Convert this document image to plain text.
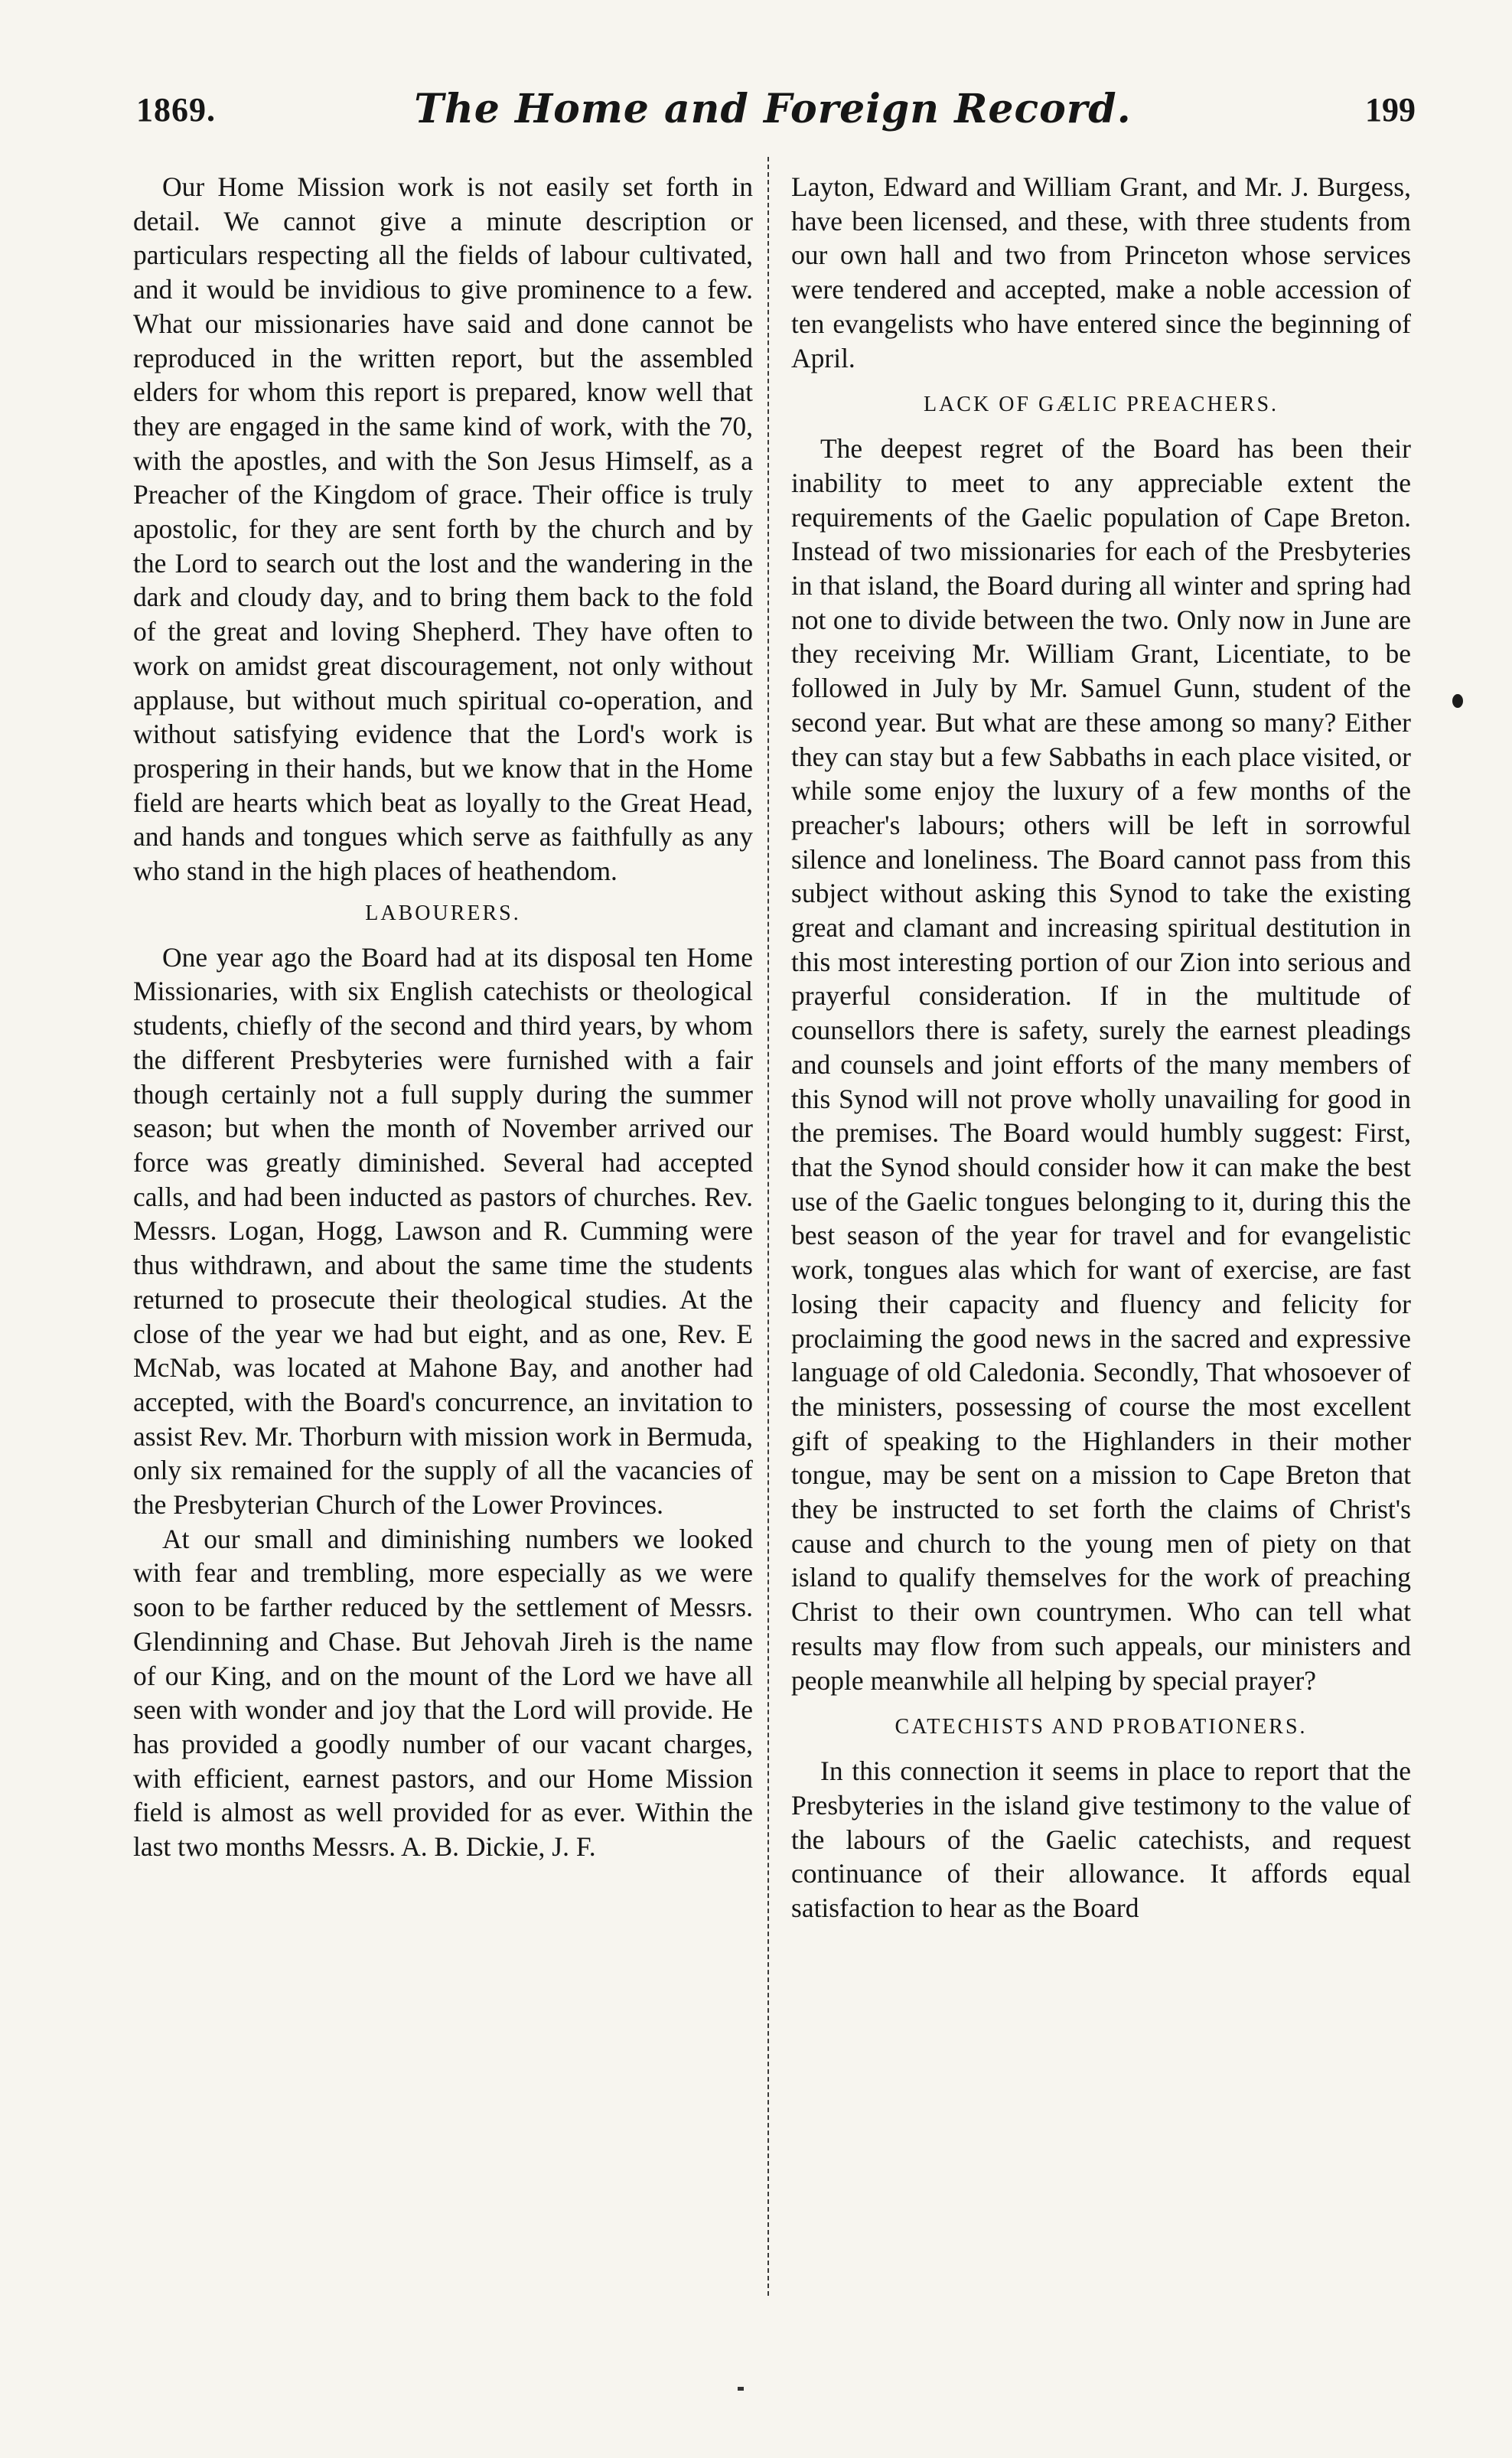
1869.	The Home and Foreign Record.	199

Our Home Mission work is not easily set forth in detail. We cannot give a minute description or particulars respecting all the fields of labour cultivated, and it would be invidious to give prominence to a few. What our missionaries have said and done cannot be reproduced in the written report, but the assembled elders for whom this report is prepared, know well that they are engaged in the same kind of work, with the 70, with the apostles, and with the Son Jesus Himself, as a Preacher of the Kingdom of grace. Their office is truly apostolic, for they are sent forth by the church and by the Lord to search out the lost and the wandering in the dark and cloudy day, and to bring them back to the fold of the great and loving Shepherd. They have often to work on amidst great discouragement, not only without applause, but without much spiritual co-operation, and without satisfying evidence that the Lord's work is prospering in their hands, but we know that in the Home field are hearts which beat as loyally to the Great Head, and hands and tongues which serve as faithfully as any who stand in the high places of heathendom.

LABOURERS.

One year ago the Board had at its disposal ten Home Missionaries, with six English catechists or theological students, chiefly of the second and third years, by whom the different Presbyteries were furnished with a fair though certainly not a full supply during the summer season; but when the month of November arrived our force was greatly diminished. Several had accepted calls, and had been inducted as pastors of churches. Rev. Messrs. Logan, Hogg, Lawson and R. Cumming were thus withdrawn, and about the same time the students returned to prosecute their theological studies. At the close of the year we had but eight, and as one, Rev. E McNab, was located at Mahone Bay, and another had accepted, with the Board's concurrence, an invitation to assist Rev. Mr. Thorburn with mission work in Bermuda, only six remained for the supply of all the vacancies of the Presbyterian Church of the Lower Provinces.

At our small and diminishing numbers we looked with fear and trembling, more especially as we were soon to be farther reduced by the settlement of Messrs. Glendinning and Chase. But Jehovah Jireh is the name of our King, and on the mount of the Lord we have all seen with wonder and joy that the Lord will provide. He has provided a goodly number of our vacant charges, with efficient, earnest pastors, and our Home Mission field is almost as well provided for as ever. Within the last two months Messrs. A. B. Dickie, J. F.

Layton, Edward and William Grant, and Mr. J. Burgess, have been licensed, and these, with three students from our own hall and two from Princeton whose services were tendered and accepted, make a noble accession of ten evangelists who have entered since the beginning of April.

LACK OF GÆLIC PREACHERS.

The deepest regret of the Board has been their inability to meet to any appreciable extent the requirements of the Gaelic population of Cape Breton. Instead of two missionaries for each of the Presbyteries in that island, the Board during all winter and spring had not one to divide between the two. Only now in June are they receiving Mr. William Grant, Licentiate, to be followed in July by Mr. Samuel Gunn, student of the second year. But what are these among so many? Either they can stay but a few Sabbaths in each place visited, or while some enjoy the luxury of a few months of the preacher's labours; others will be left in sorrowful silence and loneliness. The Board cannot pass from this subject without asking this Synod to take the existing great and clamant and increasing spiritual destitution in this most interesting portion of our Zion into serious and prayerful consideration. If in the multitude of counsellors there is safety, surely the earnest pleadings and counsels and joint efforts of the many members of this Synod will not prove wholly unavailing for good in the premises. The Board would humbly suggest: First, that the Synod should consider how it can make the best use of the Gaelic tongues belonging to it, during this the best season of the year for travel and for evangelistic work, tongues alas which for want of exercise, are fast losing their capacity and fluency and felicity for proclaiming the good news in the sacred and expressive language of old Caledonia. Secondly, That whosoever of the ministers, possessing of course the most excellent gift of speaking to the Highlanders in their mother tongue, may be sent on a mission to Cape Breton that they be instructed to set forth the claims of Christ's cause and church to the young men of piety on that island to qualify themselves for the work of preaching Christ to their own countrymen. Who can tell what results may flow from such appeals, our ministers and people meanwhile all helping by special prayer?

CATECHISTS AND PROBATIONERS.

In this connection it seems in place to report that the Presbyteries in the island give testimony to the value of the labours of the Gaelic catechists, and request continuance of their allowance. It affords equal satisfaction to hear as the Board
